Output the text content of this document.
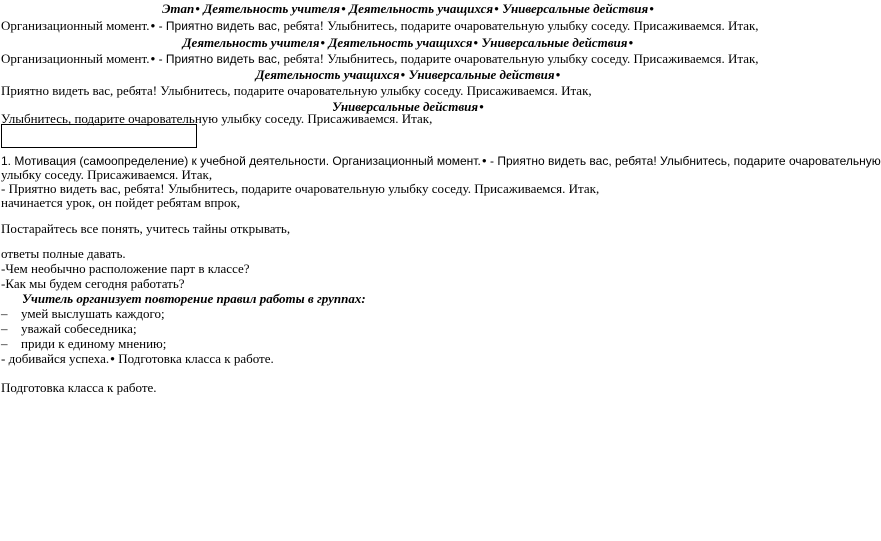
Этап ● Деятельность учителя ● Деятельность учащихся ● Универсальные действия ●
Организационный момент. ● - Приятно видеть вас, ребята! Улыбнитесь, подарите очаровательную улыбку соседу. Присаживаемся. Итак,
Деятельность учителя ● Деятельность учащихся ● Универсальные действия ●
Организационный момент. ● - Приятно видеть вас, ребята! Улыбнитесь, подарите очаровательную улыбку соседу. Присаживаемся. Итак,
Деятельность учащихся ● Универсальные действия ●
Приятно видеть вас, ребята! Улыбнитесь, подарите очаровательную улыбку соседу. Присаживаемся. Итак,
Универсальные действия ●
Улыбнитесь, подарите очаровательную улыбку соседу. Присаживаемся. Итак,
1. Мотивация (самоопределение) к учебной деятельности. Организационный момент. ● - Приятно видеть вас, ребята! Улыбнитесь, подарите очаровательную
улыбку соседу. Присаживаемся. Итак,
- Приятно видеть вас, ребята! Улыбнитесь, подарите очаровательную улыбку соседу. Присаживаемся. Итак,
начинается урок, он пойдет ребятам впрок,
Постарайтесь все понять, учитесь тайны открывать,
ответы полные давать.
-Чем необычно расположение парт в классе?
-Как мы будем сегодня работать?
Учитель организует повторение правил работы в группах:
– умей выслушать каждого;
– уважай собеседника;
– приди к единому мнению;
- добивайся успеха. ● Подготовка класса к работе.
Подготовка класса к работе.
